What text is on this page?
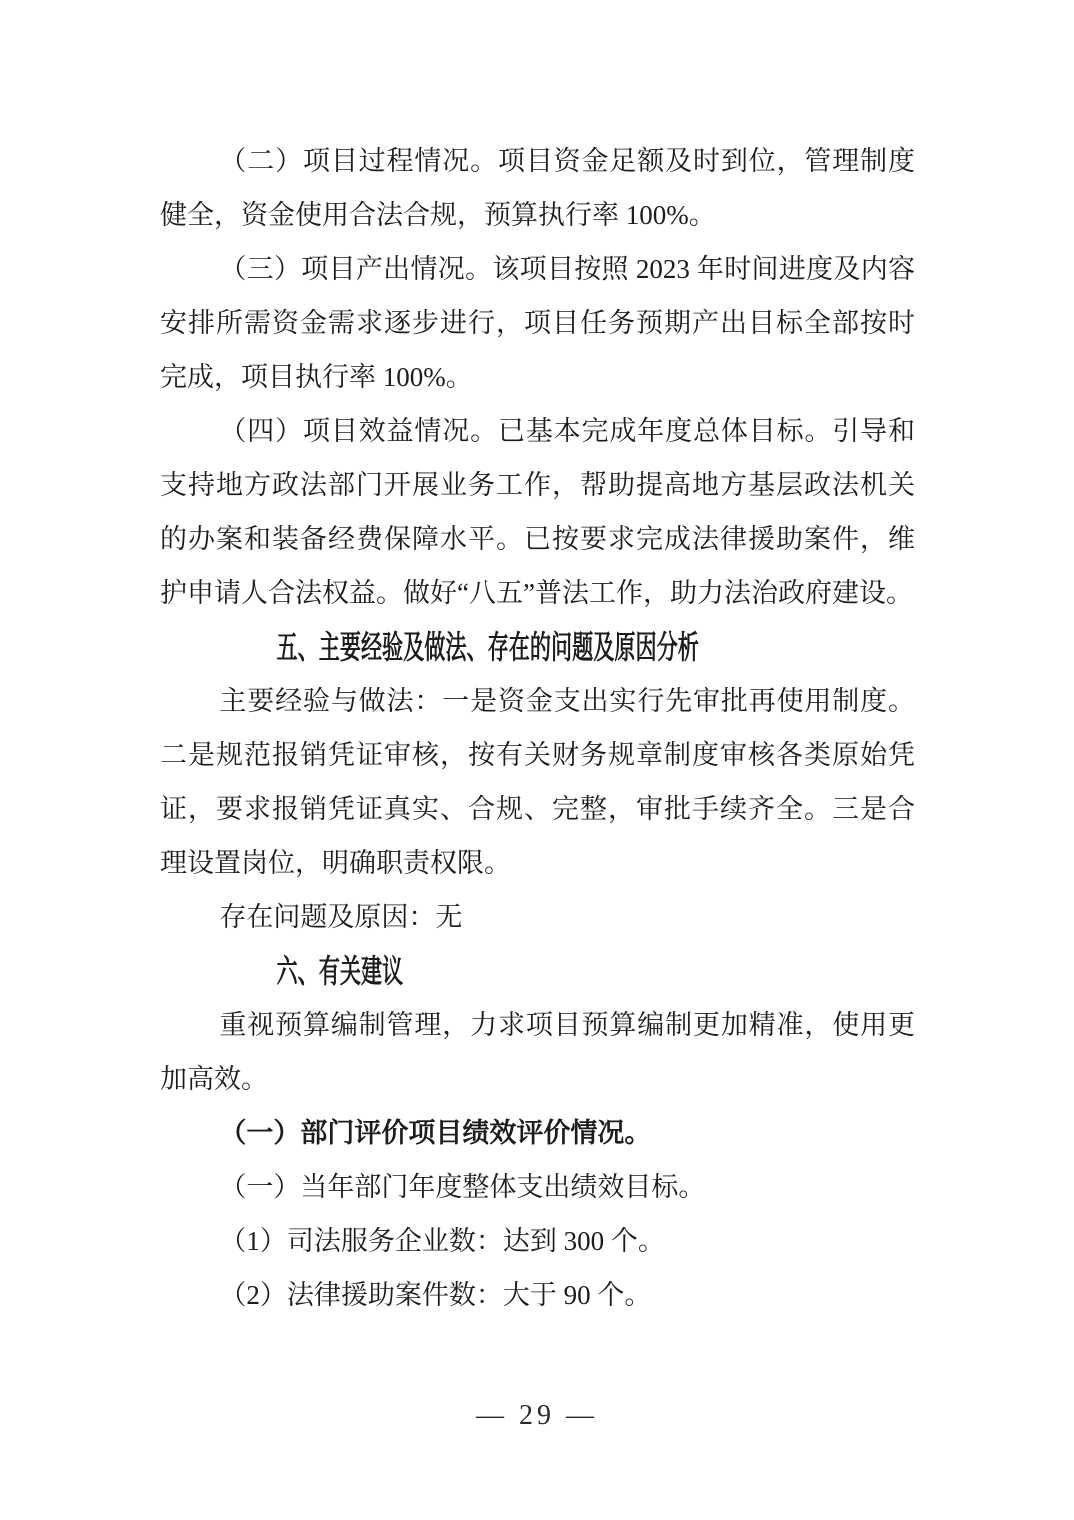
（二）项目过程情况。项目资金足额及时到位，管理制度健全，资金使用合法合规，预算执行率 100%。

（三）项目产出情况。该项目按照 2023 年时间进度及内容安排所需资金需求逐步进行，项目任务预期产出目标全部按时完成，项目执行率 100%。

（四）项目效益情况。已基本完成年度总体目标。引导和支持地方政法部门开展业务工作，帮助提高地方基层政法机关的办案和装备经费保障水平。已按要求完成法律援助案件，维护申请人合法权益。做好“八五”普法工作，助力法治政府建设。

五、主要经验及做法、存在的问题及原因分析

主要经验与做法：一是资金支出实行先审批再使用制度。二是规范报销凭证审核，按有关财务规章制度审核各类原始凭证，要求报销凭证真实、合规、完整，审批手续齐全。三是合理设置岗位，明确职责权限。

存在问题及原因：无

六、有关建议

重视预算编制管理，力求项目预算编制更加精准，使用更加高效。

（一）部门评价项目绩效评价情况。

（一）当年部门年度整体支出绩效目标。

（1）司法服务企业数：达到 300 个。

（2）法律援助案件数：大于 90 个。

— 29 —
